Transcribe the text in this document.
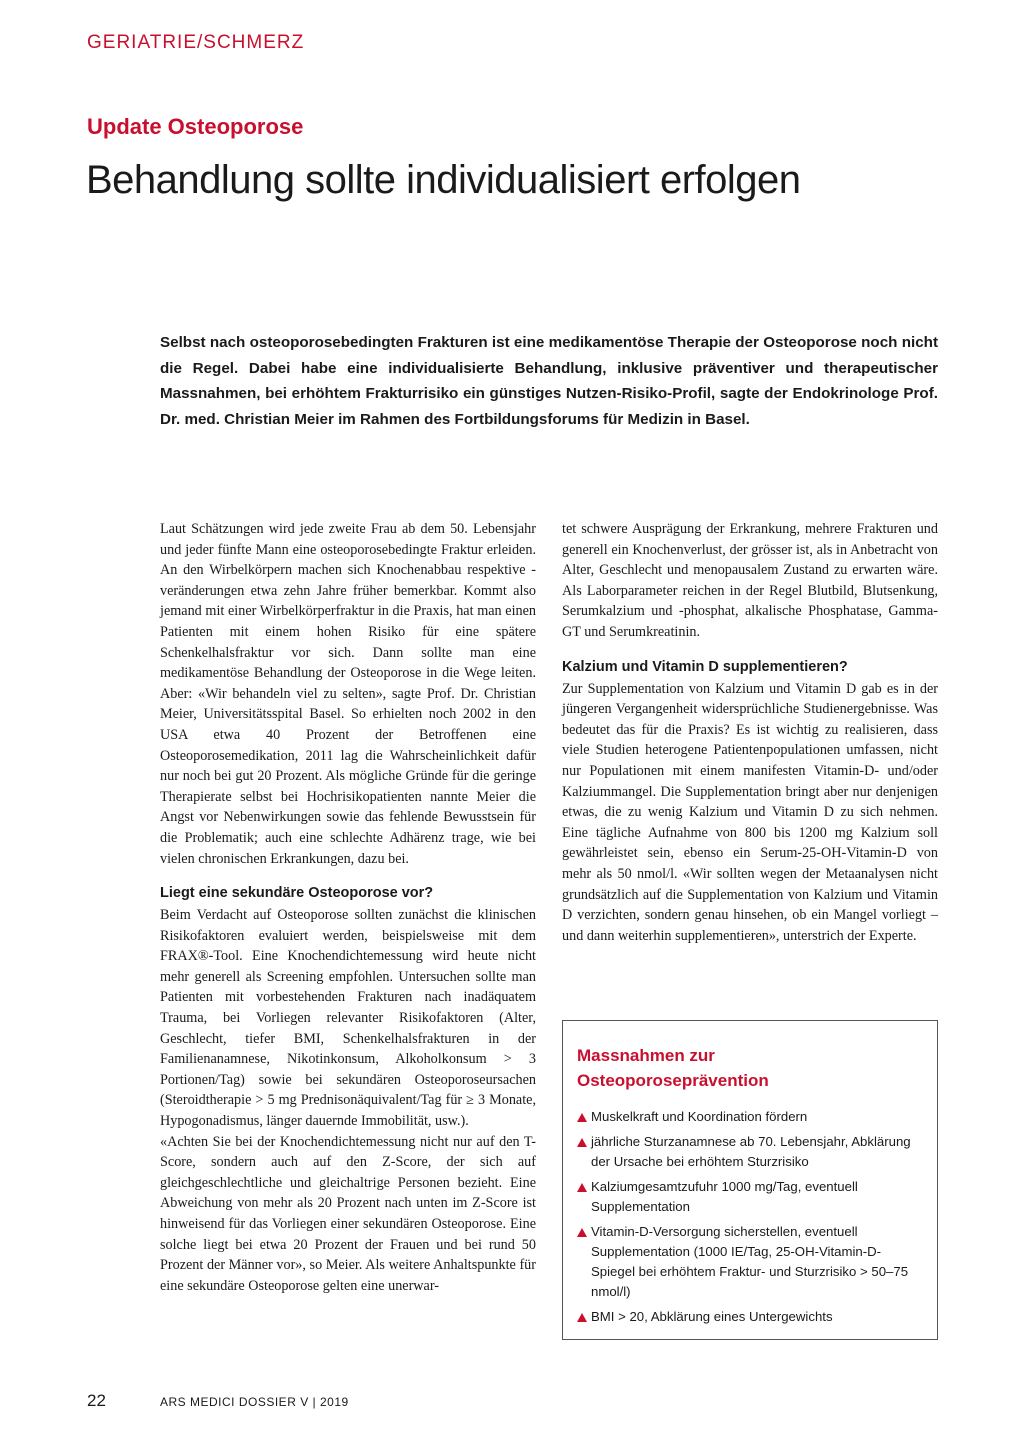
GERIATRIE/SCHMERZ
Update Osteoporose
Behandlung sollte individualisiert erfolgen

Selbst nach osteoporosebedingten Frakturen ist eine medikamentöse Therapie der Osteoporose noch nicht die Regel. Dabei habe eine individualisierte Behandlung, inklusive präventiver und therapeutischer Massnahmen, bei erhöhtem Frakturrisiko ein günstiges Nutzen-Risiko-Profil, sagte der Endokrinologe Prof. Dr. med. Christian Meier im Rahmen des Fortbildungsforums für Medizin in Basel.

Laut Schätzungen wird jede zweite Frau ab dem 50. Lebensjahr und jeder fünfte Mann eine osteoporosebedingte Fraktur erleiden. An den Wirbelkörpern machen sich Knochenabbau respektive -veränderungen etwa zehn Jahre früher bemerkbar. Kommt also jemand mit einer Wirbelkörperfraktur in die Praxis, hat man einen Patienten mit einem hohen Risiko für eine spätere Schenkelhalsfraktur vor sich. Dann sollte man eine medikamentöse Behandlung der Osteoporose in die Wege leiten. Aber: «Wir behandeln viel zu selten», sagte Prof. Dr. Christian Meier, Universitätsspital Basel. So erhielten noch 2002 in den USA etwa 40 Prozent der Betroffenen eine Osteoporosemedikation, 2011 lag die Wahrscheinlichkeit dafür nur noch bei gut 20 Prozent. Als mögliche Gründe für die geringe Therapierate selbst bei Hochrisikopatienten nannte Meier die Angst vor Nebenwirkungen sowie das fehlende Bewusstsein für die Problematik; auch eine schlechte Adhärenz trage, wie bei vielen chronischen Erkrankungen, dazu bei.

Liegt eine sekundäre Osteoporose vor?

Beim Verdacht auf Osteoporose sollten zunächst die klinischen Risikofaktoren evaluiert werden, beispielsweise mit dem FRAX®-Tool. Eine Knochendichtemessung wird heute nicht mehr generell als Screening empfohlen. Untersuchen sollte man Patienten mit vorbestehenden Frakturen nach inadäquatem Trauma, bei Vorliegen relevanter Risikofaktoren (Alter, Geschlecht, tiefer BMI, Schenkelhalsfrakturen in der Familienanamnese, Nikotinkonsum, Alkoholkonsum > 3 Portionen/Tag) sowie bei sekundären Osteoporoseursachen (Steroidtherapie > 5 mg Prednisonäquivalent/Tag für ≥ 3 Monate, Hypogonadismus, länger dauernde Immobilität, usw.).

«Achten Sie bei der Knochendichtemessung nicht nur auf den T-Score, sondern auch auf den Z-Score, der sich auf gleichgeschlechtliche und gleichaltrige Personen bezieht. Eine Abweichung von mehr als 20 Prozent nach unten im Z-Score ist hinweisend für das Vorliegen einer sekundären Osteoporose. Eine solche liegt bei etwa 20 Prozent der Frauen und bei rund 50 Prozent der Männer vor», so Meier. Als weitere Anhaltspunkte für eine sekundäre Osteoporose gelten eine unerwar-

tet schwere Ausprägung der Erkrankung, mehrere Frakturen und generell ein Knochenverlust, der grösser ist, als in Anbetracht von Alter, Geschlecht und menopausalem Zustand zu erwarten wäre. Als Laborparameter reichen in der Regel Blutbild, Blutsenkung, Serumkalzium und -phosphat, alkalische Phosphatase, Gamma-GT und Serumkreatinin.

Kalzium und Vitamin D supplementieren?

Zur Supplementation von Kalzium und Vitamin D gab es in der jüngeren Vergangenheit widersprüchliche Studienergebnisse. Was bedeutet das für die Praxis? Es ist wichtig zu realisieren, dass viele Studien heterogene Patientenpopulationen umfassen, nicht nur Populationen mit einem manifesten Vitamin-D- und/oder Kalziummangel. Die Supplementation bringt aber nur denjenigen etwas, die zu wenig Kalzium und Vitamin D zu sich nehmen. Eine tägliche Aufnahme von 800 bis 1200 mg Kalzium soll gewährleistet sein, ebenso ein Serum-25-OH-Vitamin-D von mehr als 50 nmol/l. «Wir sollten wegen der Metaanalysen nicht grundsätzlich auf die Supplementation von Kalzium und Vitamin D verzichten, sondern genau hinsehen, ob ein Mangel vorliegt – und dann weiterhin supplementieren», unterstrich der Experte.

Massnahmen zur
Osteoporoseprävention
Muskelkraft und Koordination fördern
jährliche Sturzanamnese ab 70. Lebensjahr, Abklärung der Ursache bei erhöhtem Sturzrisiko
Kalziumgesamtzufuhr 1000 mg/Tag, eventuell Supplementation
Vitamin-D-Versorgung sicherstellen, eventuell Supplementation (1000 IE/Tag, 25-OH-Vitamin-D-Spiegel bei erhöhtem Fraktur- und Sturzrisiko > 50–75 nmol/l)
BMI > 20, Abklärung eines Untergewichts
22	ARS MEDICI DOSSIER V | 2019
